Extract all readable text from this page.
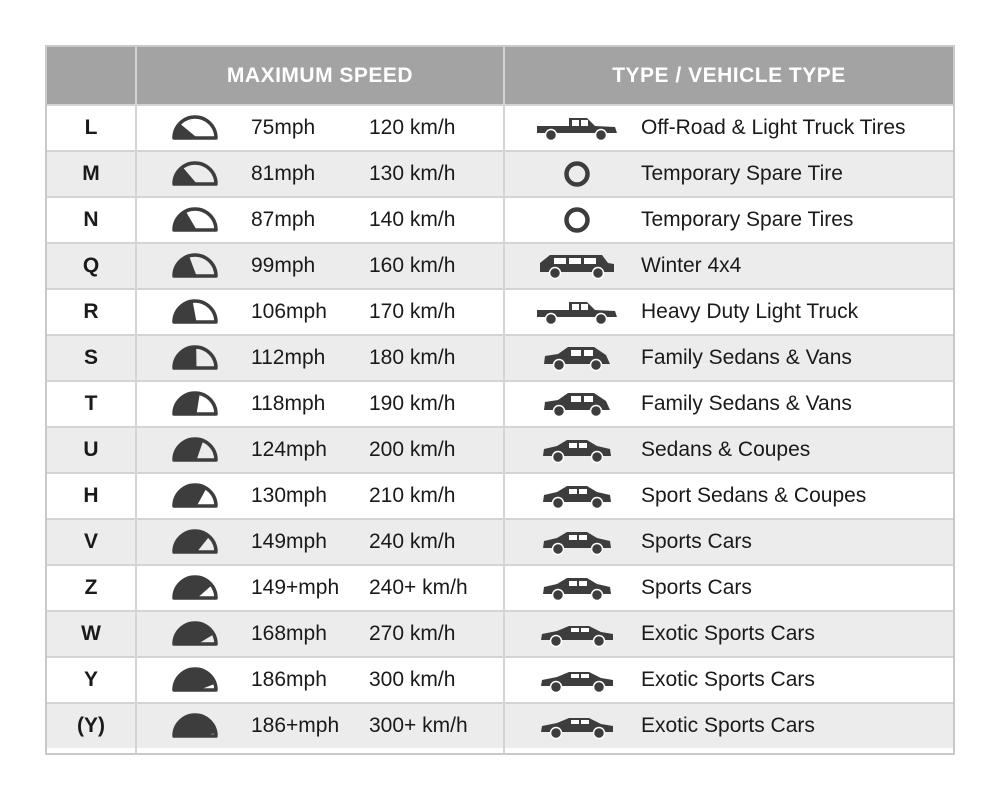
MAXIMUM SPEED	TYPE / VEHICLE TYPE
L	75mph	120 km/h	Off-Road & Light Truck Tires
M	81mph	130 km/h	Temporary Spare Tire
N	87mph	140 km/h	Temporary Spare Tires
Q	99mph	160 km/h	Winter 4x4
R	106mph	170 km/h	Heavy Duty Light Truck
S	112mph	180 km/h	Family Sedans & Vans
T	118mph	190 km/h	Family Sedans & Vans
U	124mph	200 km/h	Sedans & Coupes
H	130mph	210 km/h	Sport Sedans & Coupes
V	149mph	240 km/h	Sports Cars
Z	149+mph	240+ km/h	Sports Cars
W	168mph	270 km/h	Exotic Sports Cars
Y	186mph	300 km/h	Exotic Sports Cars
(Y)	186+mph	300+ km/h	Exotic Sports Cars
